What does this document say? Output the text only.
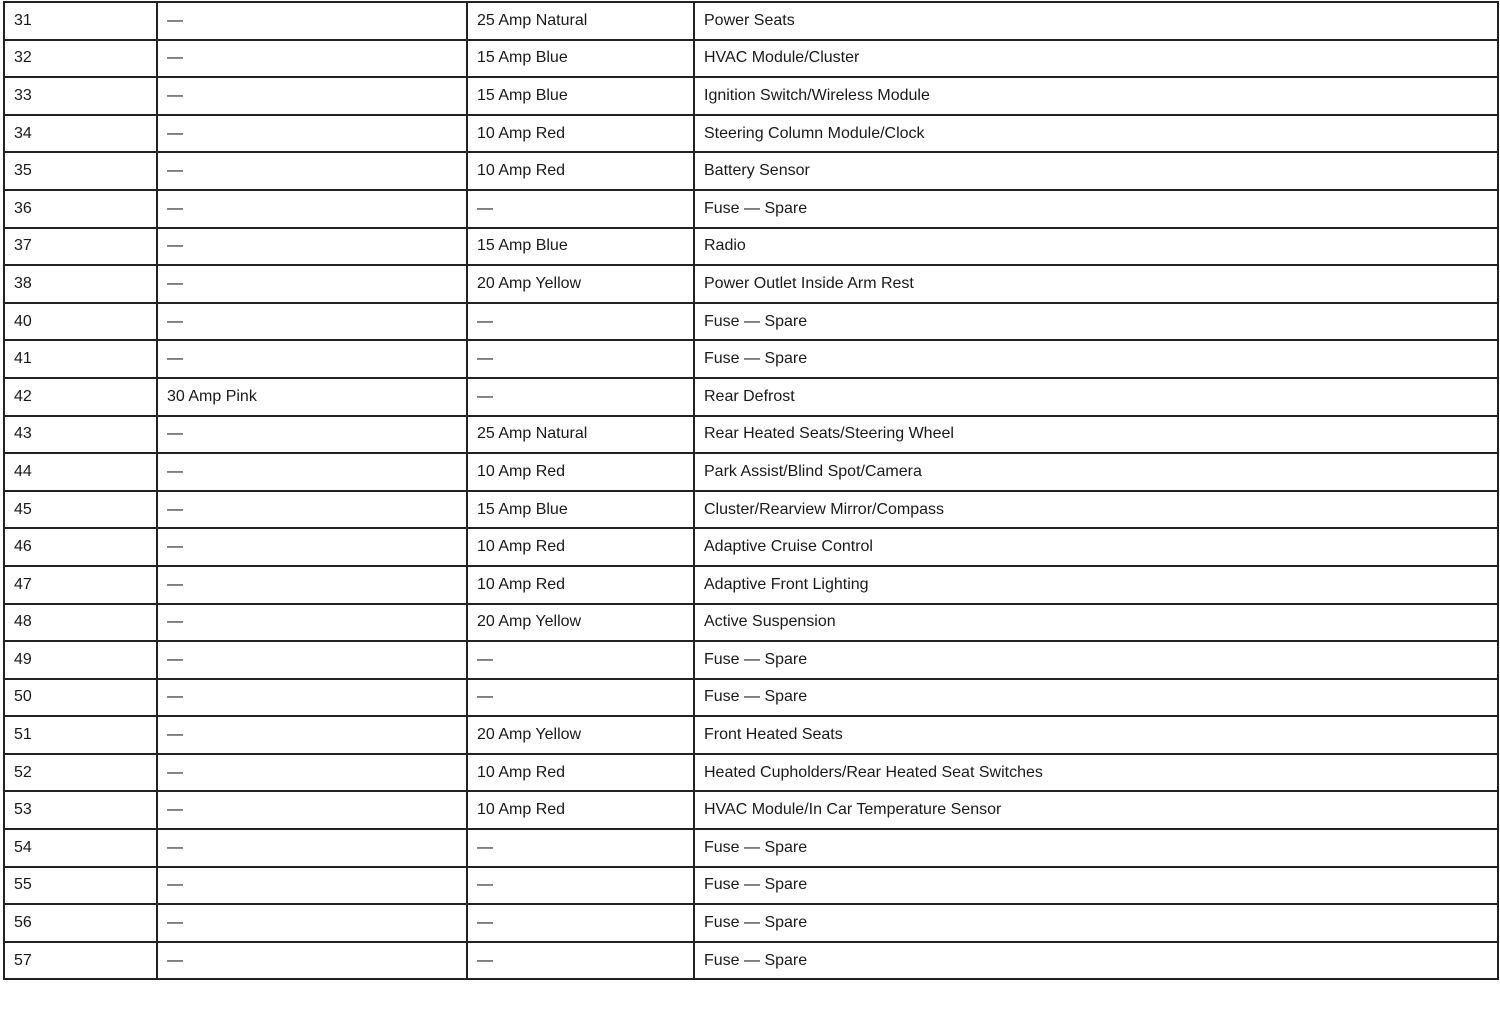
31	—	25 Amp Natural	Power Seats
32	—	15 Amp Blue	HVAC Module/Cluster
33	—	15 Amp Blue	Ignition Switch/Wireless Module
34	—	10 Amp Red	Steering Column Module/Clock
35	—	10 Amp Red	Battery Sensor
36	—	—	Fuse — Spare
37	—	15 Amp Blue	Radio
38	—	20 Amp Yellow	Power Outlet Inside Arm Rest
40	—	—	Fuse — Spare
41	—	—	Fuse — Spare
42	30 Amp Pink	—	Rear Defrost
43	—	25 Amp Natural	Rear Heated Seats/Steering Wheel
44	—	10 Amp Red	Park Assist/Blind Spot/Camera
45	—	15 Amp Blue	Cluster/Rearview Mirror/Compass
46	—	10 Amp Red	Adaptive Cruise Control
47	—	10 Amp Red	Adaptive Front Lighting
48	—	20 Amp Yellow	Active Suspension
49	—	—	Fuse — Spare
50	—	—	Fuse — Spare
51	—	20 Amp Yellow	Front Heated Seats
52	—	10 Amp Red	Heated Cupholders/Rear Heated Seat Switches
53	—	10 Amp Red	HVAC Module/In Car Temperature Sensor
54	—	—	Fuse — Spare
55	—	—	Fuse — Spare
56	—	—	Fuse — Spare
57	—	—	Fuse — Spare
